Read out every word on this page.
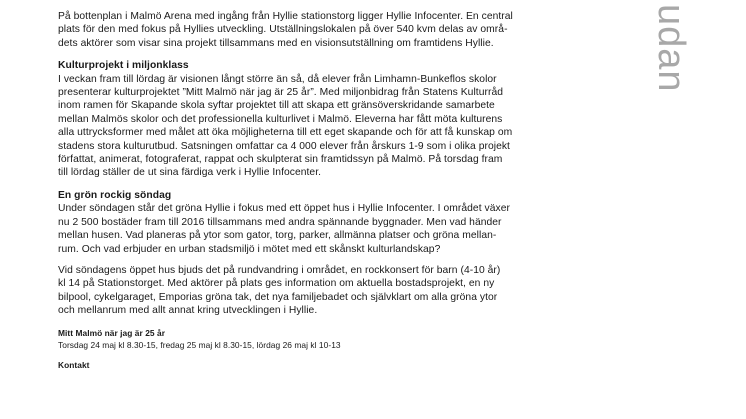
udan

På bottenplan i Malmö Arena med ingång från Hyllie stationstorg ligger Hyllie Infocenter. En central

plats för den med fokus på Hyllies utveckling. Utställningslokalen på över 540 kvm delas av områ-

dets aktörer som visar sina projekt tillsammans med en visionsutställning om framtidens Hyllie.

Kulturprojekt i miljonklass

I veckan fram till lördag är visionen långt större än så, då elever från Limhamn-Bunkeflos skolor

presenterar kulturprojektet ”Mitt Malmö när jag är 25 år”. Med miljonbidrag från Statens Kulturråd

inom ramen för Skapande skola syftar projektet till att skapa ett gränsöverskridande samarbete

mellan Malmös skolor och det professionella kulturlivet i Malmö. Eleverna har fått möta kulturens

alla uttrycksformer med målet att öka möjligheterna till ett eget skapande och för att få kunskap om

stadens stora kulturutbud. Satsningen omfattar ca 4 000 elever från årskurs 1-9 som i olika projekt

författat, animerat, fotograferat, rappat och skulpterat sin framtidssyn på Malmö. På torsdag fram

till lördag ställer de ut sina färdiga verk i Hyllie Infocenter.

En grön rockig söndag

Under söndagen står det gröna Hyllie i fokus med ett öppet hus i Hyllie Infocenter. I området växer

nu 2 500 bostäder fram till 2016 tillsammans med andra spännande byggnader. Men vad händer

mellan husen. Vad planeras på ytor som gator, torg, parker, allmänna platser och gröna mellan-

rum. Och vad erbjuder en urban stadsmiljö i mötet med ett skånskt kulturlandskap?

Vid söndagens öppet hus bjuds det på rundvandring i området, en rockkonsert för barn (4-10 år)

kl 14 på Stationstorget. Med aktörer på plats ges information om aktuella bostadsprojekt, en ny

bilpool, cykelgaraget, Emporias gröna tak, det nya familjebadet och självklart om alla gröna ytor

och mellanrum med allt annat kring utvecklingen i Hyllie.

Mitt Malmö när jag är 25 år

Torsdag 24 maj kl 8.30-15, fredag 25 maj kl 8.30-15, lördag 26 maj kl 10-13

Kontakt
